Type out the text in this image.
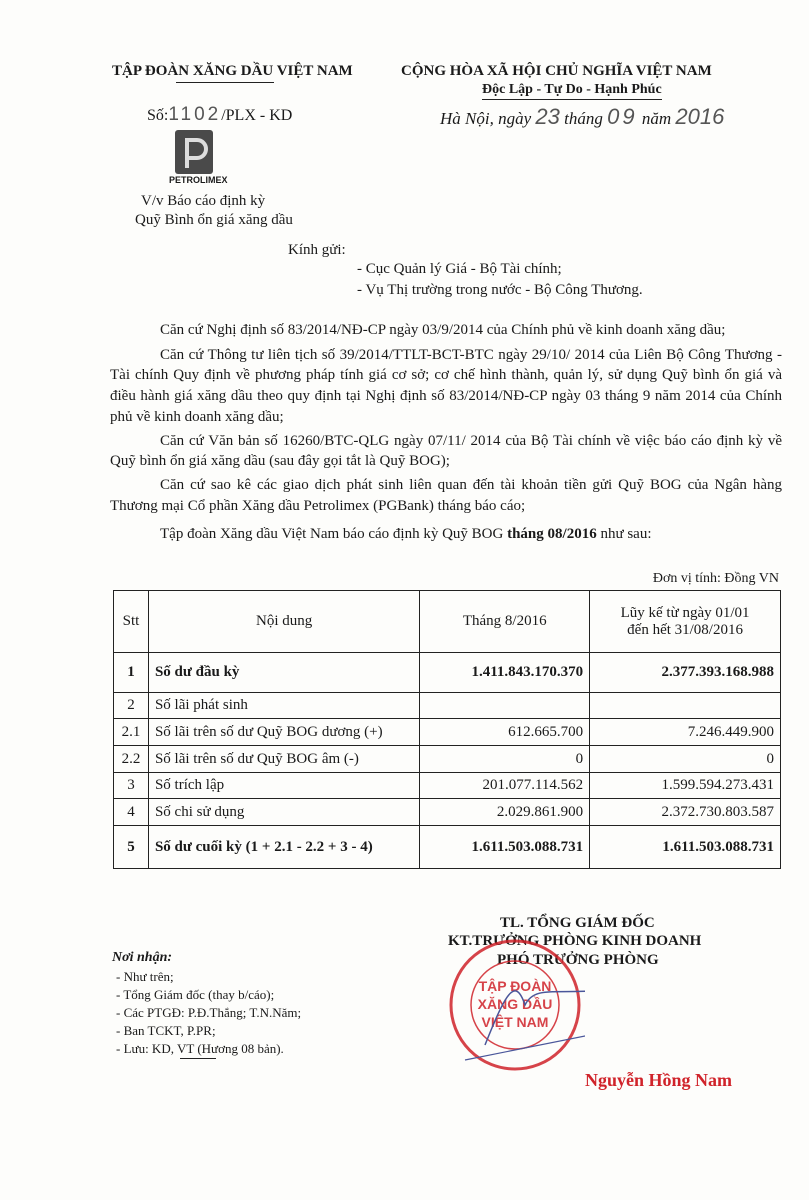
TẬP ĐOÀN XĂNG DẦU VIỆT NAM	CỘNG HÒA XÃ HỘI CHỦ NGHĨA VIỆT NAM
Độc Lập - Tự Do - Hạnh Phúc
Số:1102/PLX - KD	Hà Nội, ngày 23 tháng 09 năm 2016
PETROLIMEX
V/v Báo cáo định kỳ
Quỹ Bình ổn giá xăng dầu
Kính gửi:
- Cục Quản lý Giá - Bộ Tài chính;
- Vụ Thị trường trong nước - Bộ Công Thương.
Căn cứ Nghị định số 83/2014/NĐ-CP ngày 03/9/2014 của Chính phủ về kinh doanh xăng dầu;
Căn cứ Thông tư liên tịch số 39/2014/TTLT-BCT-BTC ngày 29/10/ 2014 của Liên Bộ Công Thương - Tài chính Quy định về phương pháp tính giá cơ sở; cơ chế hình thành, quản lý, sử dụng Quỹ bình ổn giá và điều hành giá xăng dầu theo quy định tại Nghị định số 83/2014/NĐ-CP ngày 03 tháng 9 năm 2014 của Chính phủ về kinh doanh xăng dầu;
Căn cứ Văn bản số 16260/BTC-QLG ngày 07/11/ 2014 của Bộ Tài chính về việc báo cáo định kỳ về Quỹ bình ổn giá xăng dầu (sau đây gọi tắt là Quỹ BOG);
Căn cứ sao kê các giao dịch phát sinh liên quan đến tài khoản tiền gửi Quỹ BOG của Ngân hàng Thương mại Cổ phần Xăng dầu Petrolimex (PGBank) tháng báo cáo;
Tập đoàn Xăng dầu Việt Nam báo cáo định kỳ Quỹ BOG tháng 08/2016 như sau:
Đơn vị tính: Đồng VN
Stt	Nội dung	Tháng 8/2016	Lũy kế từ ngày 01/01
đến hết 31/08/2016

1	Số dư đầu kỳ	1.411.843.170.370	2.377.393.168.988
2	Số lãi phát sinh		
2.1	Số lãi trên số dư Quỹ BOG dương (+)	612.665.700	7.246.449.900
2.2	Số lãi trên số dư Quỹ BOG âm (-)	0	0
3	Số trích lập	201.077.114.562	1.599.594.273.431
4	Số chi sử dụng	2.029.861.900	2.372.730.803.587
5	Số dư cuối kỳ (1 + 2.1 - 2.2 + 3 - 4)	1.611.503.088.731	1.611.503.088.731
TL. TỔNG GIÁM ĐỐC
KT.TRƯỞNG PHÒNG KINH DOANH
PHÓ TRƯỞNG PHÒNG
TẬP ĐOÀN
XĂNG DẦU
VIỆT NAM
Nguyễn Hồng Nam
Nơi nhận:
- Như trên;
- Tổng Giám đốc (thay b/cáo);
- Các PTGĐ: P.Đ.Thắng; T.N.Năm;
- Ban TCKT, P.PR;
- Lưu: KD, VT (Hương 08 bản).
